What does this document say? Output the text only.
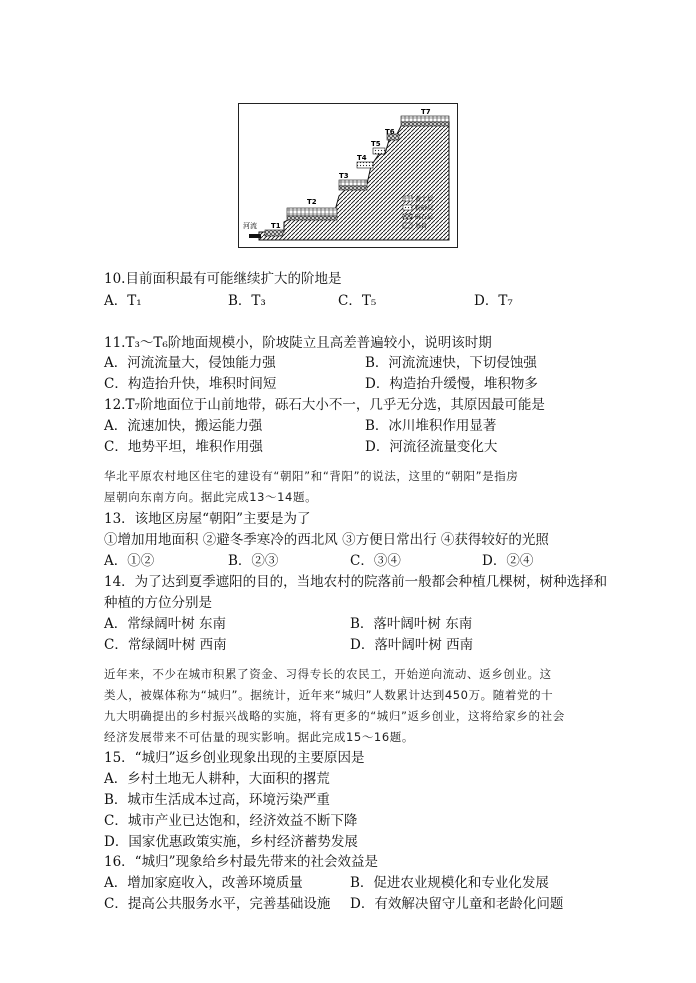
T1
T2
T3
T4
T5
T6
T7
河流
黄土层
粉砂层
砾石层
基岩
10.目前面积最有可能继续扩大的阶地是
A．T₁	B．T₃	C．T₅	D．T₇
11.T₃～T₆阶地面规模小，阶坡陡立且高差普遍较小，说明该时期
A．河流流量大，侵蚀能力强	B．河流流速快，下切侵蚀强
C．构造抬升快，堆积时间短	D．构造抬升缓慢，堆积物多
12.T₇阶地面位于山前地带，砾石大小不一，几乎无分选，其原因最可能是
A．流速加快，搬运能力强	B．冰川堆积作用显著
C．地势平坦，堆积作用强	D．河流径流量变化大
华北平原农村地区住宅的建设有“朝阳”和“背阳”的说法，这里的“朝阳”是指房
屋朝向东南方向。据此完成13～14题。
13．该地区房屋“朝阳”主要是为了
①增加用地面积 ②避冬季寒冷的西北风 ③方便日常出行 ④获得较好的光照
A．①②	B．②③	C．③④	D．②④
14．为了达到夏季遮阳的目的，当地农村的院落前一般都会种植几棵树，树种选择和
种植的方位分别是
A．常绿阔叶树 东南	B．落叶阔叶树 东南
C．常绿阔叶树 西南	D．落叶阔叶树 西南
近年来，不少在城市积累了资金、习得专长的农民工，开始逆向流动、返乡创业。这
类人，被媒体称为“城归”。据统计，近年来“城归”人数累计达到450万。随着党的十
九大明确提出的乡村振兴战略的实施，将有更多的“城归”返乡创业，这将给家乡的社会
经济发展带来不可估量的现实影响。据此完成15～16题。
15．“城归”返乡创业现象出现的主要原因是
A．乡村土地无人耕种，大面积的撂荒
B．城市生活成本过高，环境污染严重
C．城市产业已达饱和，经济效益不断下降
D．国家优惠政策实施，乡村经济蓄势发展
16．“城归”现象给乡村最先带来的社会效益是
A．增加家庭收入，改善环境质量	B．促进农业规模化和专业化发展
C．提高公共服务水平，完善基础设施 D．有效解决留守儿童和老龄化问题
